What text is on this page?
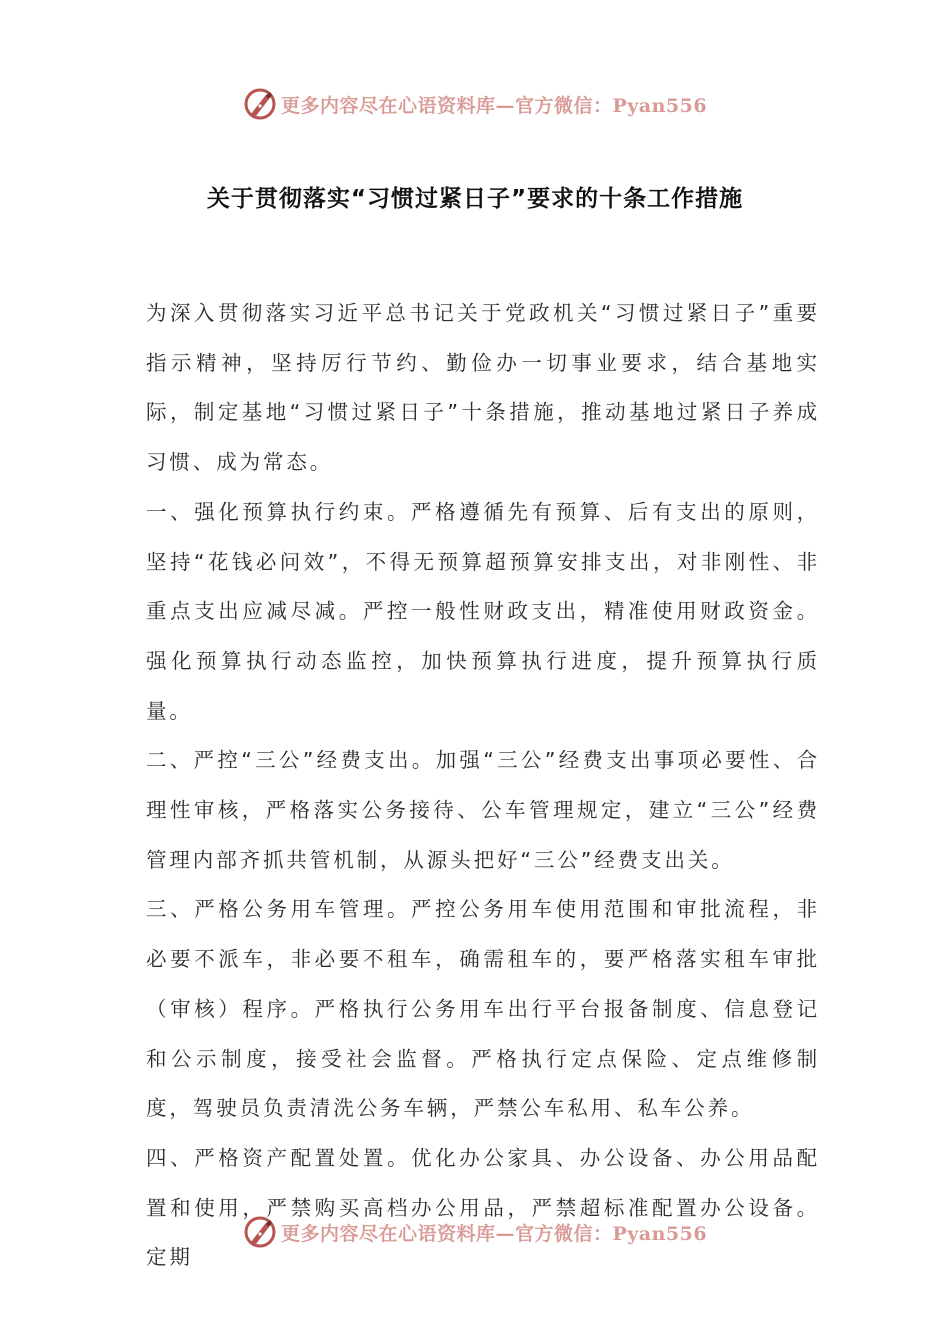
更多内容尽在心语资料库—官方微信：Pyan556
关于贯彻落实“习惯过紧日子”要求的十条工作措施

为深入贯彻落实习近平总书记关于党政机关“习惯过紧日子”重要指示精神，坚持厉行节约、勤俭办一切事业要求，结合基地实际，制定基地“习惯过紧日子”十条措施，推动基地过紧日子养成习惯、成为常态。

一、强化预算执行约束。严格遵循先有预算、后有支出的原则，坚持“花钱必问效”，不得无预算超预算安排支出，对非刚性、非重点支出应减尽减。严控一般性财政支出，精准使用财政资金。强化预算执行动态监控，加快预算执行进度，提升预算执行质量。

二、严控“三公”经费支出。加强“三公”经费支出事项必要性、合理性审核，严格落实公务接待、公车管理规定，建立“三公”经费管理内部齐抓共管机制，从源头把好“三公”经费支出关。

三、严格公务用车管理。严控公务用车使用范围和审批流程，非必要不派车，非必要不租车，确需租车的，要严格落实租车审批（审核）程序。严格执行公务用车出行平台报备制度、信息登记和公示制度，接受社会监督。严格执行定点保险、定点维修制度，驾驶员负责清洗公务车辆，严禁公车私用、私车公养。

四、严格资产配置处置。优化办公家具、办公设备、办公用品配置和使用，严禁购买高档办公用品，严禁超标准配置办公设备。定期

更多内容尽在心语资料库—官方微信：Pyan556
